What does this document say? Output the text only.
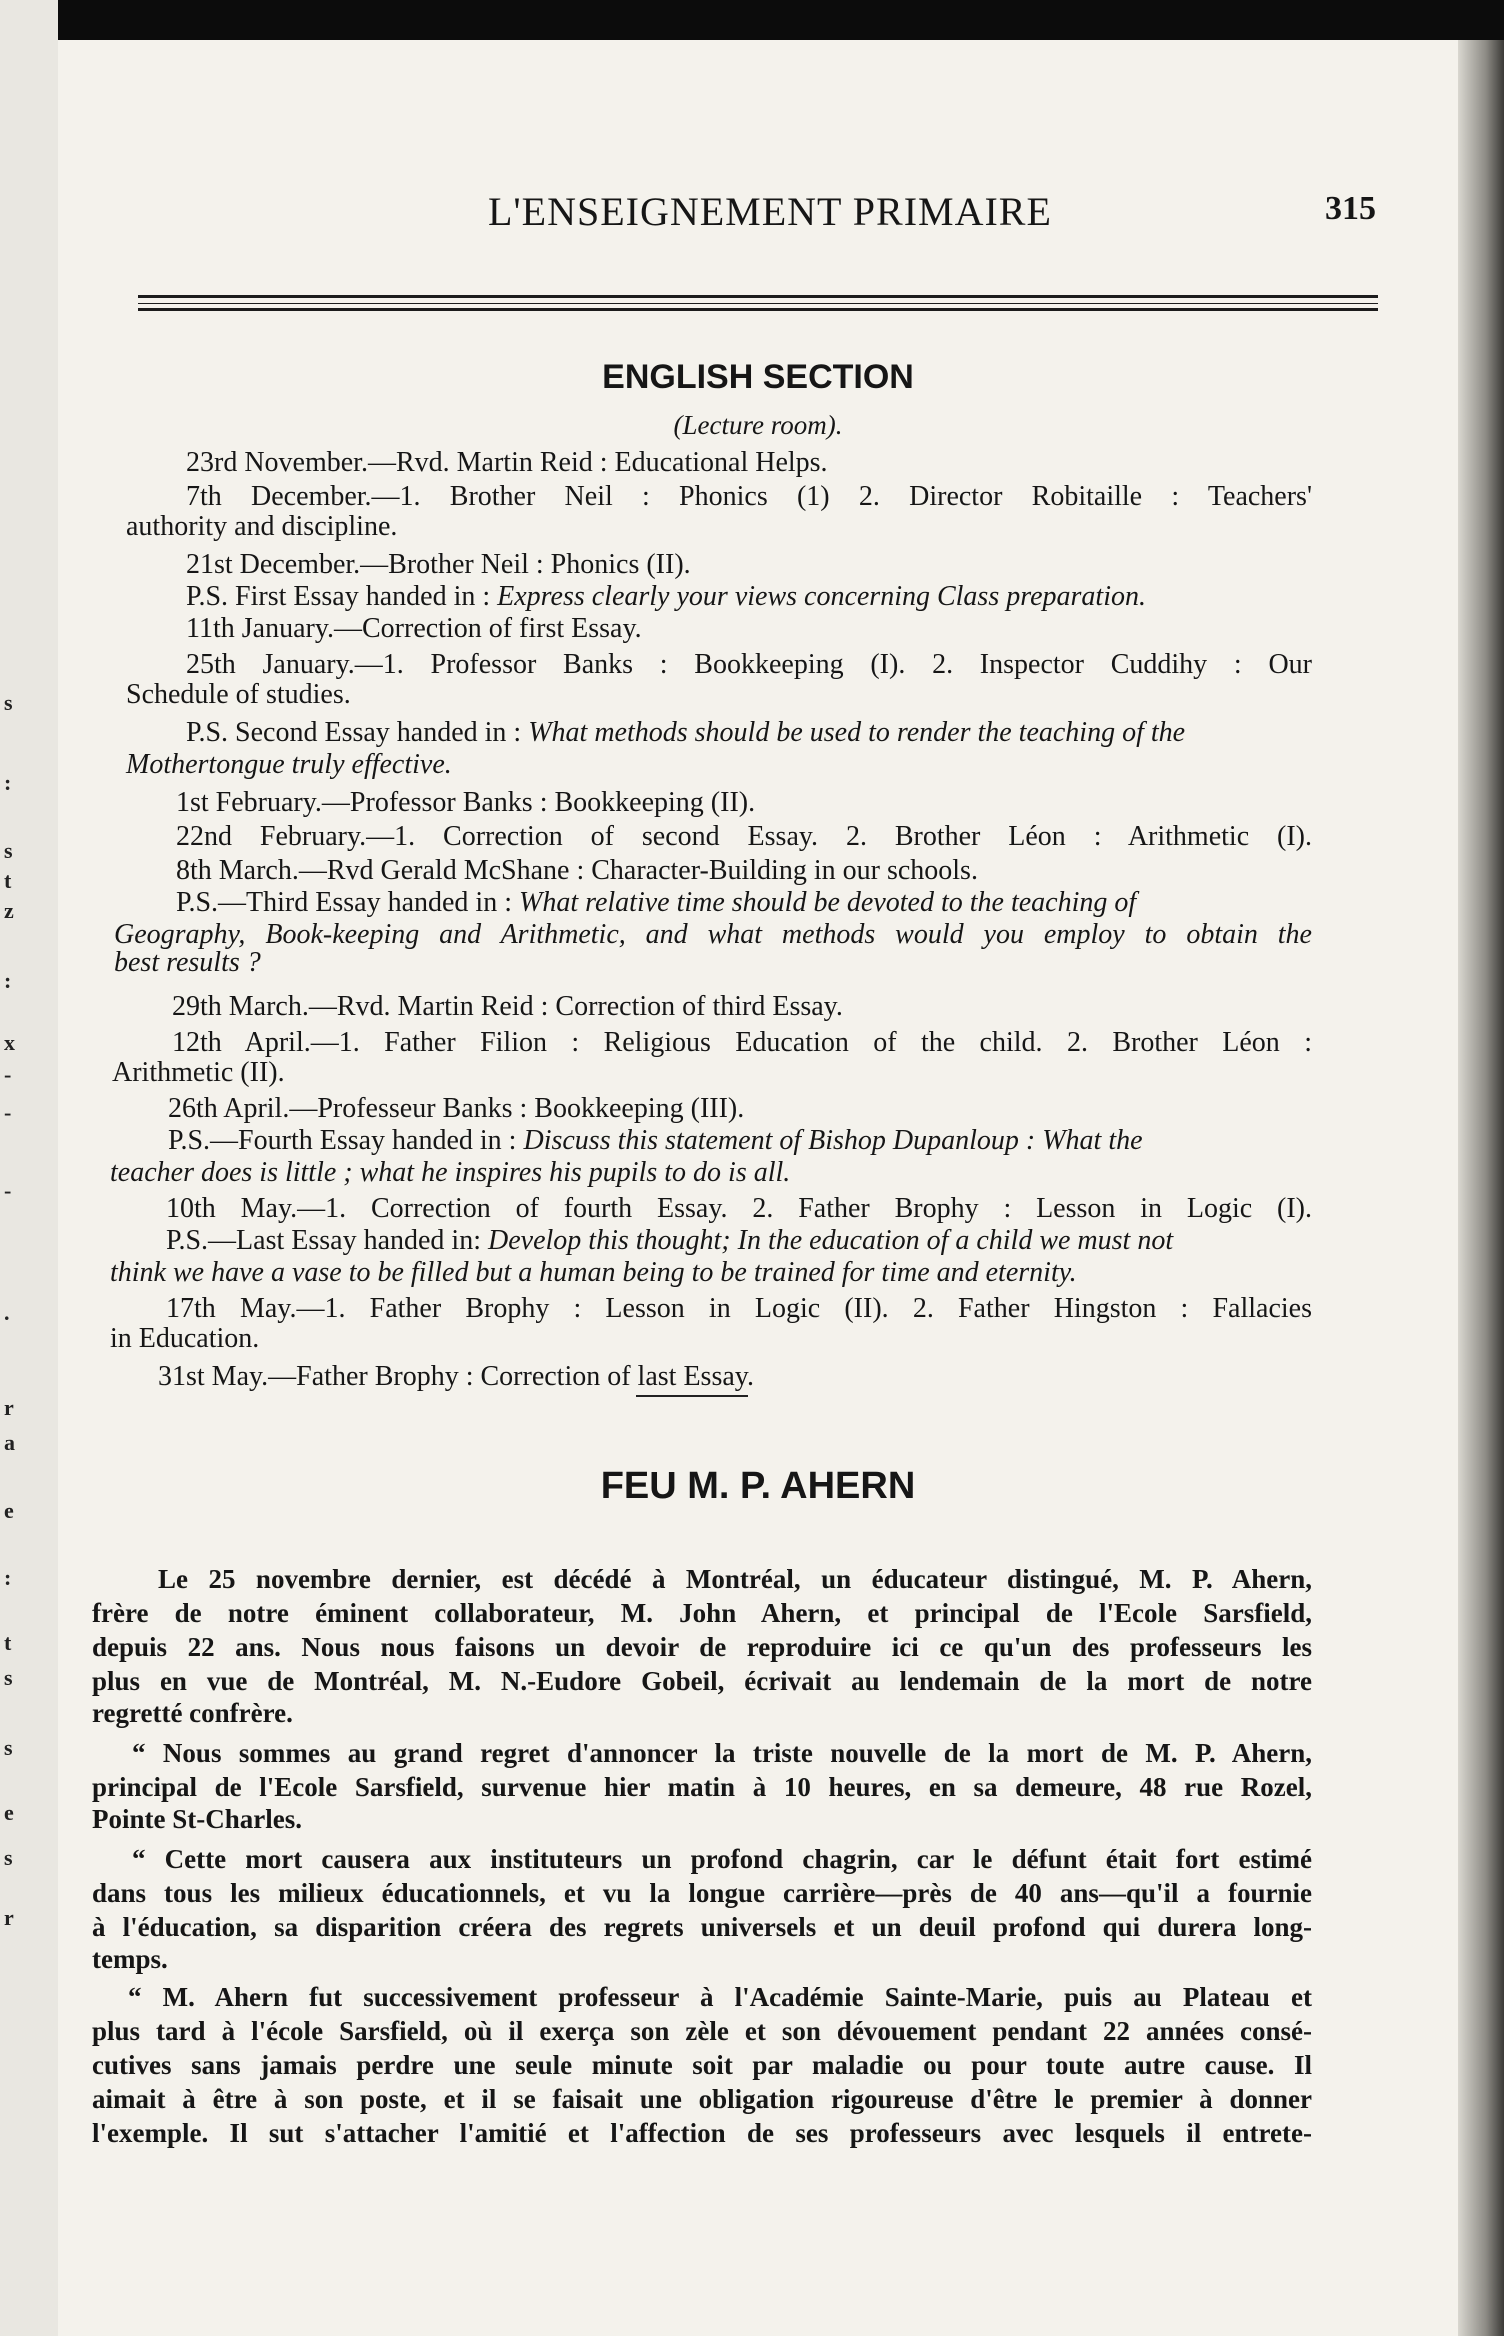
s
:
s
t
z
:
x
-
-
-
.
r
a
e
:
t
s
s
e
s
r
L'ENSEIGNEMENT PRIMAIRE	315
ENGLISH SECTION
(Lecture room).
23rd November.—Rvd. Martin Reid : Educational Helps.
7th December.—1. Brother Neil : Phonics (1) 2. Director Robitaille : Teachers'
authority and discipline.
21st December.—Brother Neil : Phonics (II).
P.S. First Essay handed in : Express clearly your views concerning Class preparation.
11th January.—Correction of first Essay.
25th January.—1. Professor Banks : Bookkeeping (I). 2. Inspector Cuddihy : Our
Schedule of studies.
P.S. Second Essay handed in : What methods should be used to render the teaching of the
Mothertongue truly effective.
1st February.—Professor Banks : Bookkeeping (II).
22nd February.—1. Correction of second Essay. 2. Brother Léon : Arithmetic (I).
8th March.—Rvd Gerald McShane : Character-Building in our schools.
P.S.—Third Essay handed in : What relative time should be devoted to the teaching of
Geography, Book-keeping and Arithmetic, and what methods would you employ to obtain the
best results ?
29th March.—Rvd. Martin Reid : Correction of third Essay.
12th April.—1. Father Filion : Religious Education of the child. 2. Brother Léon :
Arithmetic (II).
26th April.—Professeur Banks : Bookkeeping (III).
P.S.—Fourth Essay handed in : Discuss this statement of Bishop Dupanloup : What the
teacher does is little ; what he inspires his pupils to do is all.
10th May.—1. Correction of fourth Essay. 2. Father Brophy : Lesson in Logic (I).
P.S.—Last Essay handed in: Develop this thought; In the education of a child we must not
think we have a vase to be filled but a human being to be trained for time and eternity.
17th May.—1. Father Brophy : Lesson in Logic (II). 2. Father Hingston : Fallacies
in Education.
31st May.—Father Brophy : Correction of last Essay.
FEU M. P. AHERN
Le 25 novembre dernier, est décédé à Montréal, un éducateur distingué, M. P. Ahern,
frère de notre éminent collaborateur, M. John Ahern, et principal de l'Ecole Sarsfield,
depuis 22 ans. Nous nous faisons un devoir de reproduire ici ce qu'un des professeurs les
plus en vue de Montréal, M. N.-Eudore Gobeil, écrivait au lendemain de la mort de notre
regretté confrère.
“ Nous sommes au grand regret d'annoncer la triste nouvelle de la mort de M. P. Ahern,
principal de l'Ecole Sarsfield, survenue hier matin à 10 heures, en sa demeure, 48 rue Rozel,
Pointe St-Charles.
“ Cette mort causera aux instituteurs un profond chagrin, car le défunt était fort estimé
dans tous les milieux éducationnels, et vu la longue carrière—près de 40 ans—qu'il a fournie
à l'éducation, sa disparition créera des regrets universels et un deuil profond qui durera long-
temps.
“ M. Ahern fut successivement professeur à l'Académie Sainte-Marie, puis au Plateau et
plus tard à l'école Sarsfield, où il exerça son zèle et son dévouement pendant 22 années consé-
cutives sans jamais perdre une seule minute soit par maladie ou pour toute autre cause. Il
aimait à être à son poste, et il se faisait une obligation rigoureuse d'être le premier à donner
l'exemple. Il sut s'attacher l'amitié et l'affection de ses professeurs avec lesquels il entrete-
